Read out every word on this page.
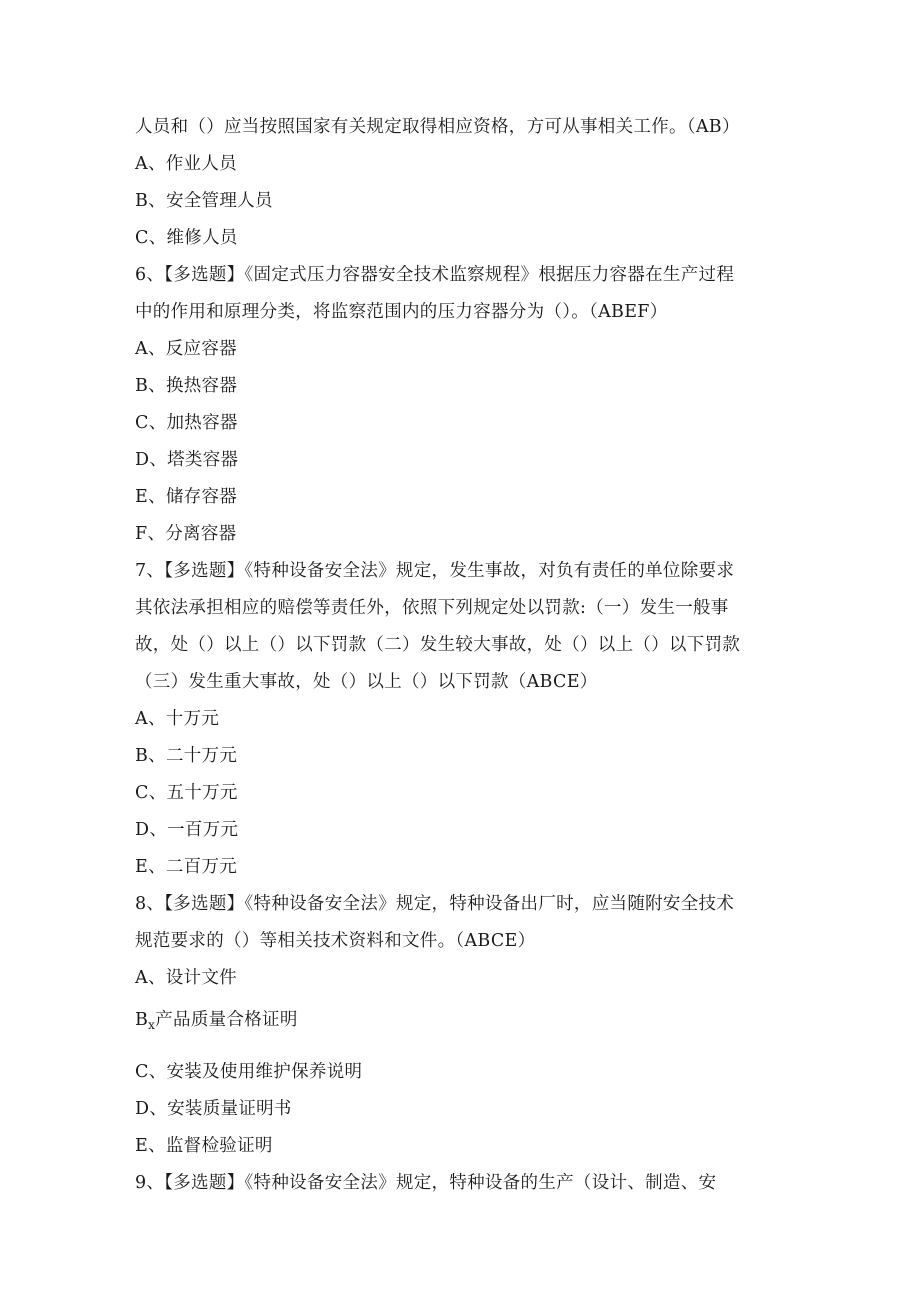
人员和（）应当按照国家有关规定取得相应资格，方可从事相关工作。（AB）
A、作业人员
B、安全管理人员
C、维修人员
6、【多选题】《固定式压力容器安全技术监察规程》根据压力容器在生产过程
中的作用和原理分类，将监察范围内的压力容器分为（）。（ABEF）
A、反应容器
B、换热容器
C、加热容器
D、塔类容器
E、储存容器
F、分离容器
7、【多选题】《特种设备安全法》规定，发生事故，对负有责任的单位除要求
其依法承担相应的赔偿等责任外，依照下列规定处以罚款:（一）发生一般事
故，处（）以上（）以下罚款（二）发生较大事故，处（）以上（）以下罚款
（三）发生重大事故，处（）以上（）以下罚款（ABCE）
A、十万元
B、二十万元
C、五十万元
D、一百万元
E、二百万元
8、【多选题】《特种设备安全法》规定，特种设备出厂时，应当随附安全技术
规范要求的（）等相关技术资料和文件。（ABCE）
A、设计文件
$B_x$产品质量合格证明
C、安装及使用维护保养说明
D、安装质量证明书
E、监督检验证明
9、【多选题】《特种设备安全法》规定，特种设备的生产（设计、制造、安
